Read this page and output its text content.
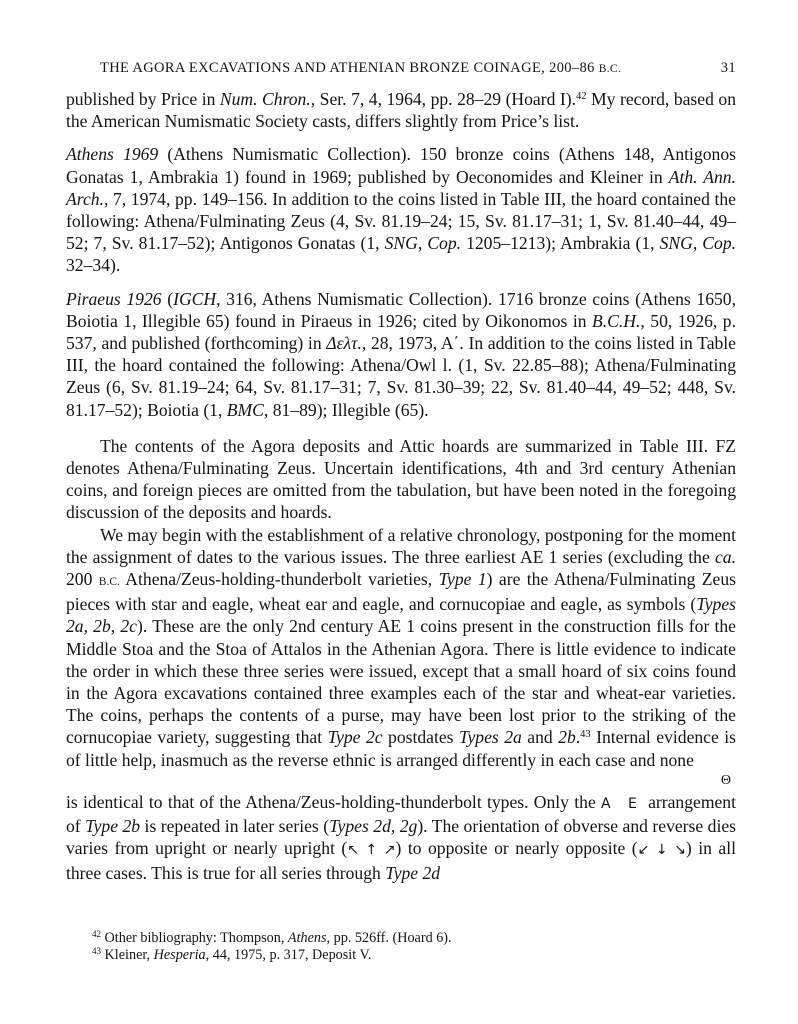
THE AGORA EXCAVATIONS AND ATHENIAN BRONZE COINAGE, 200–86 B.C.	31

published by Price in Num. Chron., Ser. 7, 4, 1964, pp. 28–29 (Hoard I).$^{42}$ My record, based on the American Numismatic Society casts, differs slightly from Price’s list.

Athens 1969 (Athens Numismatic Collection). 150 bronze coins (Athens 148, Antigonos Gonatas 1, Ambrakia 1) found in 1969; published by Oeconomides and Kleiner in Ath. Ann. Arch., 7, 1974, pp. 149–156. In addition to the coins listed in Table III, the hoard contained the following: Athena/Fulminating Zeus (4, Sv. 81.19–24; 15, Sv. 81.17–31; 1, Sv. 81.40–44, 49–52; 7, Sv. 81.17–52); Antigonos Gonatas (1, SNG, Cop. 1205–1213); Ambrakia (1, SNG, Cop. 32–34).

Piraeus 1926 (IGCH, 316, Athens Numismatic Collection). 1716 bronze coins (Athens 1650, Boiotia 1, Illegible 65) found in Piraeus in 1926; cited by Oikonomos in B.C.H., 50, 1926, p. 537, and published (forthcoming) in Δελτ., 28, 1973, Α΄. In addition to the coins listed in Table III, the hoard contained the following: Athena/Owl l. (1, Sv. 22.85–88); Athena/Fulminating Zeus (6, Sv. 81.19–24; 64, Sv. 81.17–31; 7, Sv. 81.30–39; 22, Sv. 81.40–44, 49–52; 448, Sv. 81.17–52); Boiotia (1, BMC, 81–89); Illegible (65).

The contents of the Agora deposits and Attic hoards are summarized in Table III. FZ denotes Athena/Fulminating Zeus. Uncertain identifications, 4th and 3rd century Athenian coins, and foreign pieces are omitted from the tabulation, but have been noted in the foregoing discussion of the deposits and hoards.

We may begin with the establishment of a relative chronology, postponing for the moment the assignment of dates to the various issues. The three earliest AE 1 series (excluding the ca. 200 B.C. Athena/Zeus-holding-thunderbolt varieties, Type 1) are the Athena/Fulminating Zeus pieces with star and eagle, wheat ear and eagle, and cornucopiae and eagle, as symbols (Types 2a, 2b, 2c). These are the only 2nd century AE 1 coins present in the construction fills for the Middle Stoa and the Stoa of Attalos in the Athenian Agora. There is little evidence to indicate the order in which these three series were issued, except that a small hoard of six coins found in the Agora excavations contained three examples each of the star and wheat-ear varieties. The coins, perhaps the contents of a purse, may have been lost prior to the striking of the cornucopiae variety, suggesting that Type 2c postdates Types 2a and 2b.$^{43}$ Internal evidence is of little help, inasmuch as the reverse ethnic is arranged differently in each case and none

Θ

is identical to that of the Athena/Zeus-holding-thunderbolt types. Only the Α Ε arrangement of Type 2b is repeated in later series (Types 2d, 2g). The orientation of obverse and reverse dies varies from upright or nearly upright (↖ ↑ ↗) to opposite or nearly opposite (↙ ↓ ↘) in all three cases. This is true for all series through Type 2d

$^{42}$ Other bibliography: Thompson, Athens, pp. 526ff. (Hoard 6).

$^{43}$ Kleiner, Hesperia, 44, 1975, p. 317, Deposit V.
